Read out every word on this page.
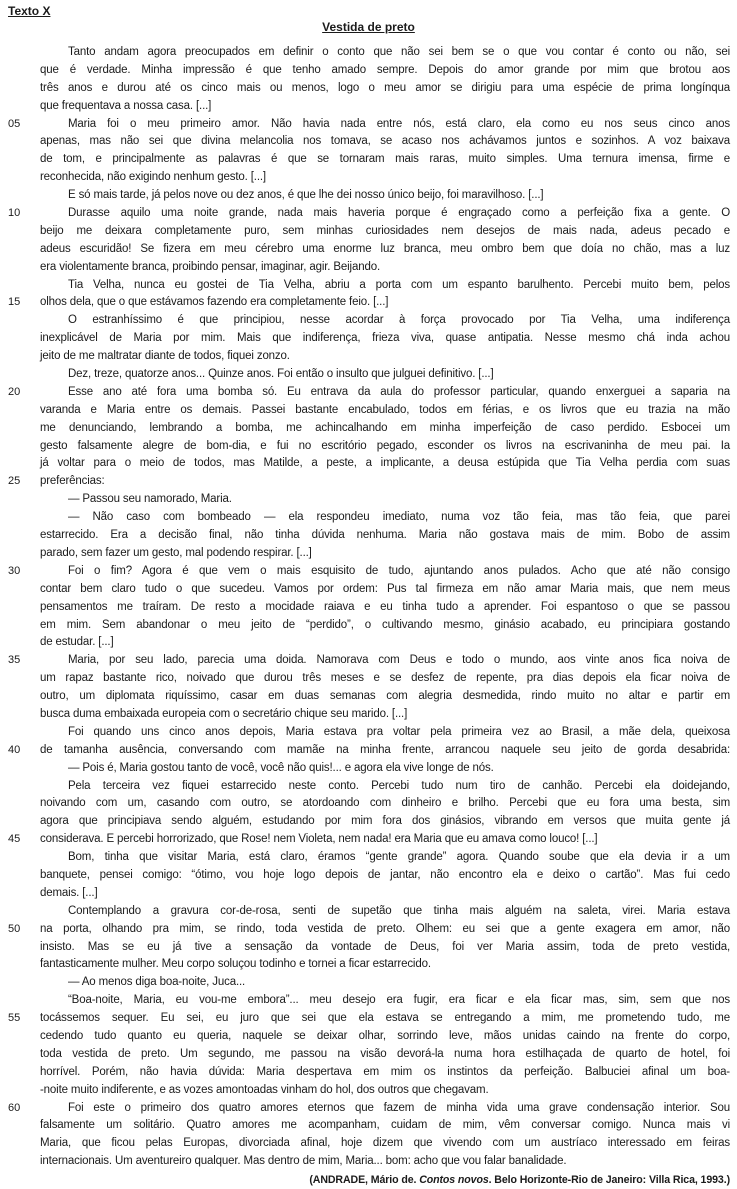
Texto X
Vestida de preto
Tanto andam agora preocupados em definir o conto que não sei bem se o que vou contar é conto ou não, sei
que é verdade. Minha impressão é que tenho amado sempre. Depois do amor grande por mim que brotou aos
três anos e durou até os cinco mais ou menos, logo o meu amor se dirigiu para uma espécie de prima longínqua
que frequentava a nossa casa. [...]
05	Maria foi o meu primeiro amor. Não havia nada entre nós, está claro, ela como eu nos seus cinco anos
apenas, mas não sei que divina melancolia nos tomava, se acaso nos achávamos juntos e sozinhos. A voz baixava
de tom, e principalmente as palavras é que se tornaram mais raras, muito simples. Uma ternura imensa, firme e
reconhecida, não exigindo nenhum gesto. [...]
E só mais tarde, já pelos nove ou dez anos, é que lhe dei nosso único beijo, foi maravilhoso. [...]
10	Durasse aquilo uma noite grande, nada mais haveria porque é engraçado como a perfeição fixa a gente. O
beijo me deixara completamente puro, sem minhas curiosidades nem desejos de mais nada, adeus pecado e
adeus escuridão! Se fizera em meu cérebro uma enorme luz branca, meu ombro bem que doía no chão, mas a luz
era violentamente branca, proibindo pensar, imaginar, agir. Beijando.
Tia Velha, nunca eu gostei de Tia Velha, abriu a porta com um espanto barulhento. Percebi muito bem, pelos
15	olhos dela, que o que estávamos fazendo era completamente feio. [...]
O estranhíssimo é que principiou, nesse acordar à força provocado por Tia Velha, uma indiferença
inexplicável de Maria por mim. Mais que indiferença, frieza viva, quase antipatia. Nesse mesmo chá inda achou
jeito de me maltratar diante de todos, fiquei zonzo.
Dez, treze, quatorze anos... Quinze anos. Foi então o insulto que julguei definitivo. [...]
20	Esse ano até fora uma bomba só. Eu entrava da aula do professor particular, quando enxerguei a saparia na
varanda e Maria entre os demais. Passei bastante encabulado, todos em férias, e os livros que eu trazia na mão
me denunciando, lembrando a bomba, me achincalhando em minha imperfeição de caso perdido. Esbocei um
gesto falsamente alegre de bom-dia, e fui no escritório pegado, esconder os livros na escrivaninha de meu pai. Ia
já voltar para o meio de todos, mas Matilde, a peste, a implicante, a deusa estúpida que Tia Velha perdia com suas
25	preferências:
— Passou seu namorado, Maria.
— Não caso com bombeado — ela respondeu imediato, numa voz tão feia, mas tão feia, que parei
estarrecido. Era a decisão final, não tinha dúvida nenhuma. Maria não gostava mais de mim. Bobo de assim
parado, sem fazer um gesto, mal podendo respirar. [...]
30	Foi o fim? Agora é que vem o mais esquisito de tudo, ajuntando anos pulados. Acho que até não consigo
contar bem claro tudo o que sucedeu. Vamos por ordem: Pus tal firmeza em não amar Maria mais, que nem meus
pensamentos me traíram. De resto a mocidade raiava e eu tinha tudo a aprender. Foi espantoso o que se passou
em mim. Sem abandonar o meu jeito de “perdido”, o cultivando mesmo, ginásio acabado, eu principiara gostando
de estudar. [...]
35	Maria, por seu lado, parecia uma doida. Namorava com Deus e todo o mundo, aos vinte anos fica noiva de
um rapaz bastante rico, noivado que durou três meses e se desfez de repente, pra dias depois ela ficar noiva de
outro, um diplomata riquíssimo, casar em duas semanas com alegria desmedida, rindo muito no altar e partir em
busca duma embaixada europeia com o secretário chique seu marido. [...]
Foi quando uns cinco anos depois, Maria estava pra voltar pela primeira vez ao Brasil, a mãe dela, queixosa
40	de tamanha ausência, conversando com mamãe na minha frente, arrancou naquele seu jeito de gorda desabrida:
— Pois é, Maria gostou tanto de você, você não quis!... e agora ela vive longe de nós.
Pela terceira vez fiquei estarrecido neste conto. Percebi tudo num tiro de canhão. Percebi ela doidejando,
noivando com um, casando com outro, se atordoando com dinheiro e brilho. Percebi que eu fora uma besta, sim
agora que principiava sendo alguém, estudando por mim fora dos ginásios, vibrando em versos que muita gente já
45	considerava. E percebi horrorizado, que Rose! nem Violeta, nem nada! era Maria que eu amava como louco! [...]
Bom, tinha que visitar Maria, está claro, éramos “gente grande” agora. Quando soube que ela devia ir a um
banquete, pensei comigo: “ótimo, vou hoje logo depois de jantar, não encontro ela e deixo o cartão”. Mas fui cedo
demais. [...]
Contemplando a gravura cor-de-rosa, senti de supetão que tinha mais alguém na saleta, virei. Maria estava
50	na porta, olhando pra mim, se rindo, toda vestida de preto. Olhem: eu sei que a gente exagera em amor, não
insisto. Mas se eu já tive a sensação da vontade de Deus, foi ver Maria assim, toda de preto vestida,
fantasticamente mulher. Meu corpo soluçou todinho e tornei a ficar estarrecido.
— Ao menos diga boa-noite, Juca...
“Boa-noite, Maria, eu vou-me embora”... meu desejo era fugir, era ficar e ela ficar mas, sim, sem que nos
55	tocássemos sequer. Eu sei, eu juro que sei que ela estava se entregando a mim, me prometendo tudo, me
cedendo tudo quanto eu queria, naquele se deixar olhar, sorrindo leve, mãos unidas caindo na frente do corpo,
toda vestida de preto. Um segundo, me passou na visão devorá-la numa hora estilhaçada de quarto de hotel, foi
horrível. Porém, não havia dúvida: Maria despertava em mim os instintos da perfeição. Balbuciei afinal um boa-
-noite muito indiferente, e as vozes amontoadas vinham do hol, dos outros que chegavam.
60	Foi este o primeiro dos quatro amores eternos que fazem de minha vida uma grave condensação interior. Sou
falsamente um solitário. Quatro amores me acompanham, cuidam de mim, vêm conversar comigo. Nunca mais vi
Maria, que ficou pelas Europas, divorciada afinal, hoje dizem que vivendo com um austríaco interessado em feiras
internacionais. Um aventureiro qualquer. Mas dentro de mim, Maria... bom: acho que vou falar banalidade.
(ANDRADE, Mário de. Contos novos. Belo Horizonte-Rio de Janeiro: Villa Rica, 1993.)
